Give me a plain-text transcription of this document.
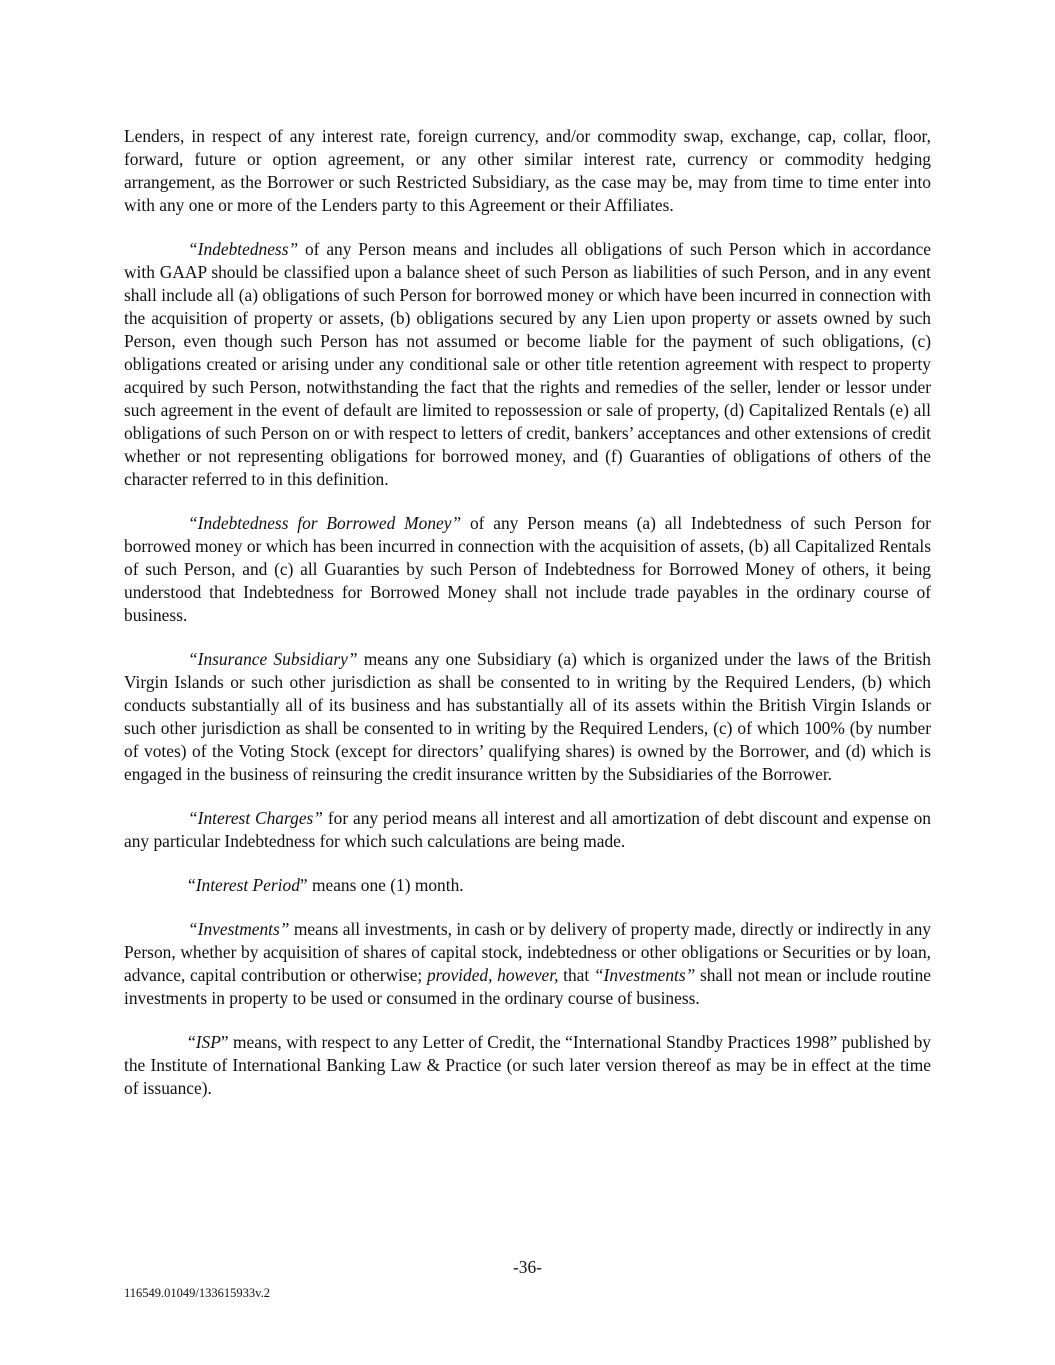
Lenders, in respect of any interest rate, foreign currency, and/or commodity swap, exchange, cap, collar, floor, forward, future or option agreement, or any other similar interest rate, currency or commodity hedging arrangement, as the Borrower or such Restricted Subsidiary, as the case may be, may from time to time enter into with any one or more of the Lenders party to this Agreement or their Affiliates.

“Indebtedness” of any Person means and includes all obligations of such Person which in accordance with GAAP should be classified upon a balance sheet of such Person as liabilities of such Person, and in any event shall include all (a) obligations of such Person for borrowed money or which have been incurred in connection with the acquisition of property or assets, (b) obligations secured by any Lien upon property or assets owned by such Person, even though such Person has not assumed or become liable for the payment of such obligations, (c) obligations created or arising under any conditional sale or other title retention agreement with respect to property acquired by such Person, notwithstanding the fact that the rights and remedies of the seller, lender or lessor under such agreement in the event of default are limited to repossession or sale of property, (d) Capitalized Rentals (e) all obligations of such Person on or with respect to letters of credit, bankers’ acceptances and other extensions of credit whether or not representing obligations for borrowed money, and (f) Guaranties of obligations of others of the character referred to in this definition.

“Indebtedness for Borrowed Money” of any Person means (a) all Indebtedness of such Person for borrowed money or which has been incurred in connection with the acquisition of assets, (b) all Capitalized Rentals of such Person, and (c) all Guaranties by such Person of Indebtedness for Borrowed Money of others, it being understood that Indebtedness for Borrowed Money shall not include trade payables in the ordinary course of business.

“Insurance Subsidiary” means any one Subsidiary (a) which is organized under the laws of the British Virgin Islands or such other jurisdiction as shall be consented to in writing by the Required Lenders, (b) which conducts substantially all of its business and has substantially all of its assets within the British Virgin Islands or such other jurisdiction as shall be consented to in writing by the Required Lenders, (c) of which 100% (by number of votes) of the Voting Stock (except for directors’ qualifying shares) is owned by the Borrower, and (d) which is engaged in the business of reinsuring the credit insurance written by the Subsidiaries of the Borrower.

“Interest Charges” for any period means all interest and all amortization of debt discount and expense on any particular Indebtedness for which such calculations are being made.

“Interest Period” means one (1) month.

“Investments” means all investments, in cash or by delivery of property made, directly or indirectly in any Person, whether by acquisition of shares of capital stock, indebtedness or other obligations or Securities or by loan, advance, capital contribution or otherwise; provided, however, that “Investments” shall not mean or include routine investments in property to be used or consumed in the ordinary course of business.

“ISP” means, with respect to any Letter of Credit, the “International Standby Practices 1998” published by the Institute of International Banking Law & Practice (or such later version thereof as may be in effect at the time of issuance).

-36-
116549.01049/133615933v.2
